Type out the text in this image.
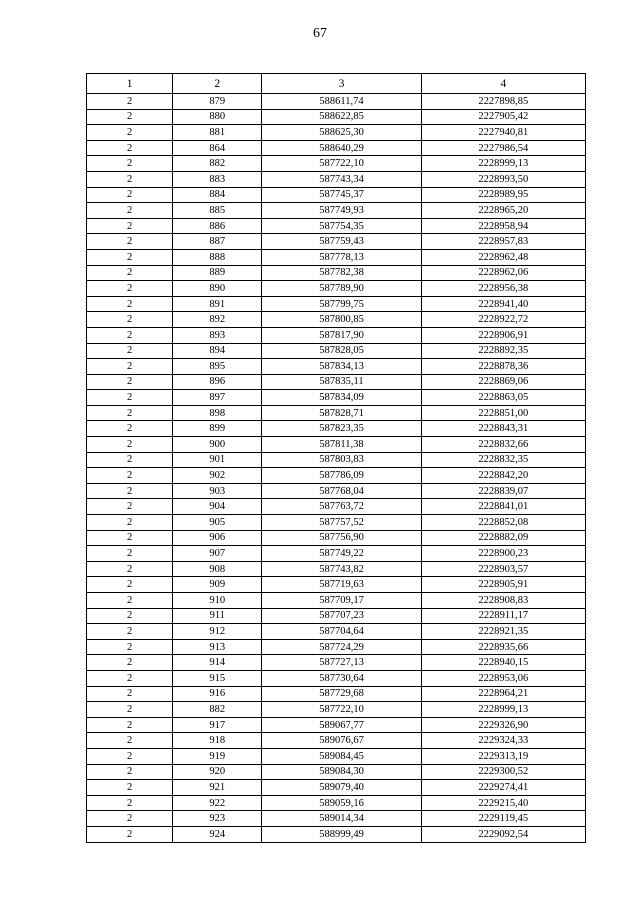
67
1	2	3	4
2	879	588611,74	2227898,85
2	880	588622,85	2227905,42
2	881	588625,30	2227940,81
2	864	588640,29	2227986,54
2	882	587722,10	2228999,13
2	883	587743,34	2228993,50
2	884	587745,37	2228989,95
2	885	587749,93	2228965,20
2	886	587754,35	2228958,94
2	887	587759,43	2228957,83
2	888	587778,13	2228962,48
2	889	587782,38	2228962,06
2	890	587789,90	2228956,38
2	891	587799,75	2228941,40
2	892	587800,85	2228922,72
2	893	587817,90	2228906,91
2	894	587828,05	2228892,35
2	895	587834,13	2228878,36
2	896	587835,11	2228869,06
2	897	587834,09	2228863,05
2	898	587828,71	2228851,00
2	899	587823,35	2228843,31
2	900	587811,38	2228832,66
2	901	587803,83	2228832,35
2	902	587786,09	2228842,20
2	903	587768,04	2228839,07
2	904	587763,72	2228841,01
2	905	587757,52	2228852,08
2	906	587756,90	2228882,09
2	907	587749,22	2228900,23
2	908	587743,82	2228903,57
2	909	587719,63	2228905,91
2	910	587709,17	2228908,83
2	911	587707,23	2228911,17
2	912	587704,64	2228921,35
2	913	587724,29	2228935,66
2	914	587727,13	2228940,15
2	915	587730,64	2228953,06
2	916	587729,68	2228964,21
2	882	587722,10	2228999,13
2	917	589067,77	2229326,90
2	918	589076,67	2229324,33
2	919	589084,45	2229313,19
2	920	589084,30	2229300,52
2	921	589079,40	2229274,41
2	922	589059,16	2229215,40
2	923	589014,34	2229119,45
2	924	588999,49	2229092,54
